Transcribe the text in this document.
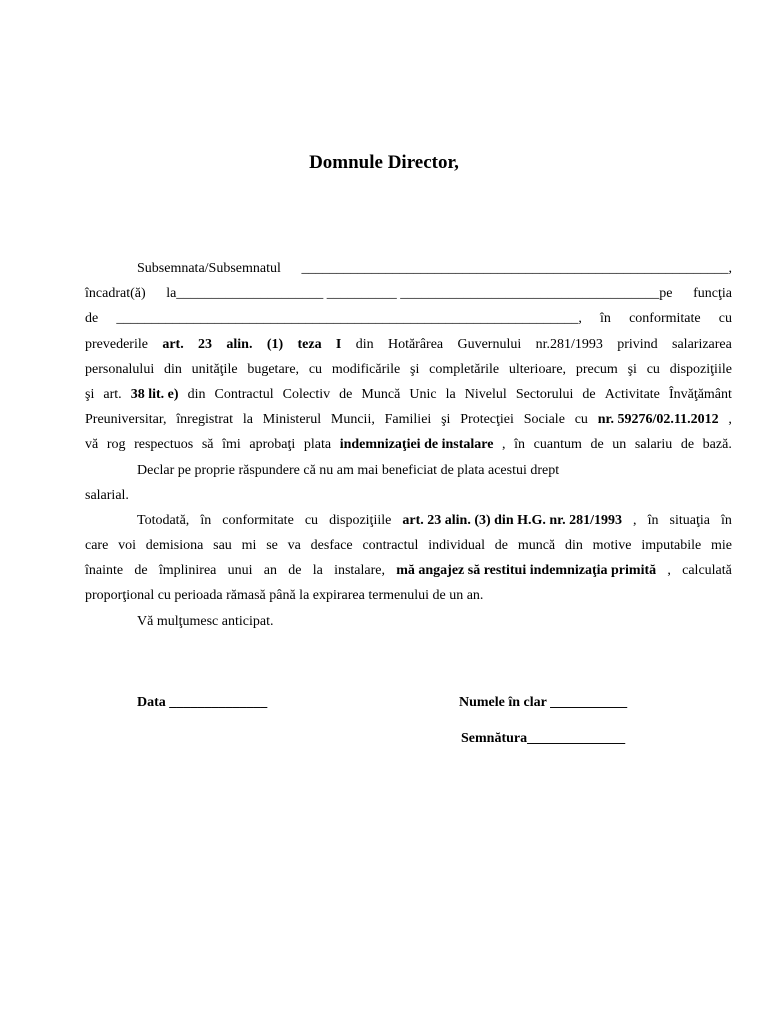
Domnule Director,
Subsemnata/Subsemnatul _____________________________________________________________,
încadrat(ă) la_____________________ __________ _____________________________________pe funcţia
de __________________________________________________________________, în conformitate cu
prevederile art. 23 alin. (1) teza I din Hotărârea Guvernului nr.281/1993 privind salarizarea
personalului din unităţile bugetare, cu modificările şi completările ulterioare, precum şi cu dispoziţiile
şi art. 38 lit. e) din Contractul Colectiv de Muncă Unic la Nivelul Sectorului de Activitate Învăţământ
Preuniversitar, înregistrat la Ministerul Muncii, Familiei şi Protecţiei Sociale cu nr. 59276/02.11.2012 ,
vă rog respectuos să îmi aprobaţi plata indemnizaţiei de instalare , în cuantum de un salariu de bază.
Declar pe proprie răspundere că nu am mai beneficiat de plata acestui drept
salarial.
Totodată, în conformitate cu dispoziţiile art. 23 alin. (3) din H.G. nr. 281/1993 , în situaţia în
care voi demisiona sau mi se va desface contractul individual de muncă din motive imputabile mie
înainte de împlinirea unui an de la instalare, mă angajez să restitui indemnizaţia primită , calculată
proporţional cu perioada rămasă până la expirarea termenului de un an.
Vă mulţumesc anticipat.
Data ______________	Numele în clar ___________
Semnătura______________
